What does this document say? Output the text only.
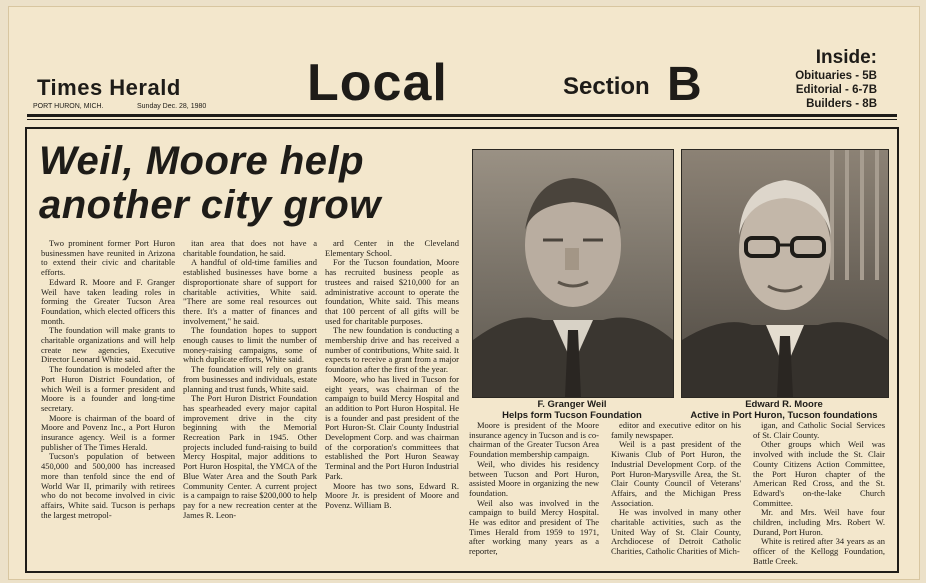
Times Herald Local	Section B
Inside:
Obituaries - 5B
Editorial - 6-7B
Builders - 8B
PORT HURON, MICH.	Sunday Dec. 28, 1980
Weil, Moore help
another city grow

Two prominent former Port Huron businessmen have reunited in Arizona to extend their civic and charitable efforts.

Edward R. Moore and F. Granger Weil have taken leading roles in forming the Greater Tucson Area Foundation, which elected officers this month.

The foundation will make grants to charitable organizations and will help create new agencies, Executive Director Leonard White said.

The foundation is modeled after the Port Huron District Foundation, of which Weil is a former president and Moore is a founder and long-time secretary.

Moore is chairman of the board of Moore and Povenz Inc., a Port Huron insurance agency. Weil is a former publisher of The Times Herald.

Tucson's population of between 450,000 and 500,000 has increased more than tenfold since the end of World War II, primarily with retirees who do not become involved in civic affairs, White said. Tucson is perhaps the largest metropol-

itan area that does not have a charitable foundation, he said.

A handful of old-time families and established businesses have borne a disproportionate share of support for charitable activities, White said. "There are some real resources out there. It's a matter of finances and involvement," he said.

The foundation hopes to support enough causes to limit the number of money-raising campaigns, some of which duplicate efforts, White said.

The foundation will rely on grants from businesses and individuals, estate planning and trust funds, White said.

The Port Huron District Foundation has spearheaded every major capital improvement drive in the city beginning with the Memorial Recreation Park in 1945. Other projects included fund-raising to build Mercy Hospital, major additions to Port Huron Hospital, the YMCA of the Blue Water Area and the South Park Community Center. A current project is a campaign to raise $200,000 to help pay for a new recreation center at the James R. Leon-

ard Center in the Cleveland Elementary School.

For the Tucson foundation, Moore has recruited business people as trustees and raised $210,000 for an administrative account to operate the foundation, White said. This means that 100 percent of all gifts will be used for charitable purposes.

The new foundation is conducting a membership drive and has received a number of contributions, White said. It expects to receive a grant from a major foundation after the first of the year.

Moore, who has lived in Tucson for eight years, was chairman of the campaign to build Mercy Hospital and an addition to Port Huron Hospital. He is a founder and past president of the Port Huron-St. Clair County Industrial Development Corp. and was chairman of the corporation's committees that established the Port Huron Seaway Terminal and the Port Huron Industrial Park.

Moore has two sons, Edward R. Moore Jr. is president of Moore and Povenz. William B.

Moore is president of the Moore insurance agency in Tucson and is co-chairman of the Greater Tucson Area Foundation membership campaign.

Weil, who divides his residency between Tucson and Port Huron, assisted Moore in organizing the new foundation.

Weil also was involved in the campaign to build Mercy Hospital. He was editor and president of The Times Herald from 1959 to 1971, after working many years as a reporter,

editor and executive editor on his family newspaper.

Weil is a past president of the Kiwanis Club of Port Huron, the Industrial Development Corp. of the Port Huron-Marysville Area, the St. Clair County Council of Veterans' Affairs, and the Michigan Press Association.

He was involved in many other charitable activities, such as the United Way of St. Clair County, Archdiocese of Detroit Catholic Charities, Catholic Charities of Mich-

igan, and Catholic Social Services of St. Clair County.

Other groups which Weil was involved with include the St. Clair County Citizens Action Committee, the Port Huron chapter of the American Red Cross, and the St. Edward's on-the-lake Church Committee.

Mr. and Mrs. Weil have four children, including Mrs. Robert W. Durand, Port Huron.

White is retired after 34 years as an officer of the Kellogg Foundation, Battle Creek.

F. Granger Weil
Helps form Tucson Foundation
Edward R. Moore
Active in Port Huron, Tucson foundations
